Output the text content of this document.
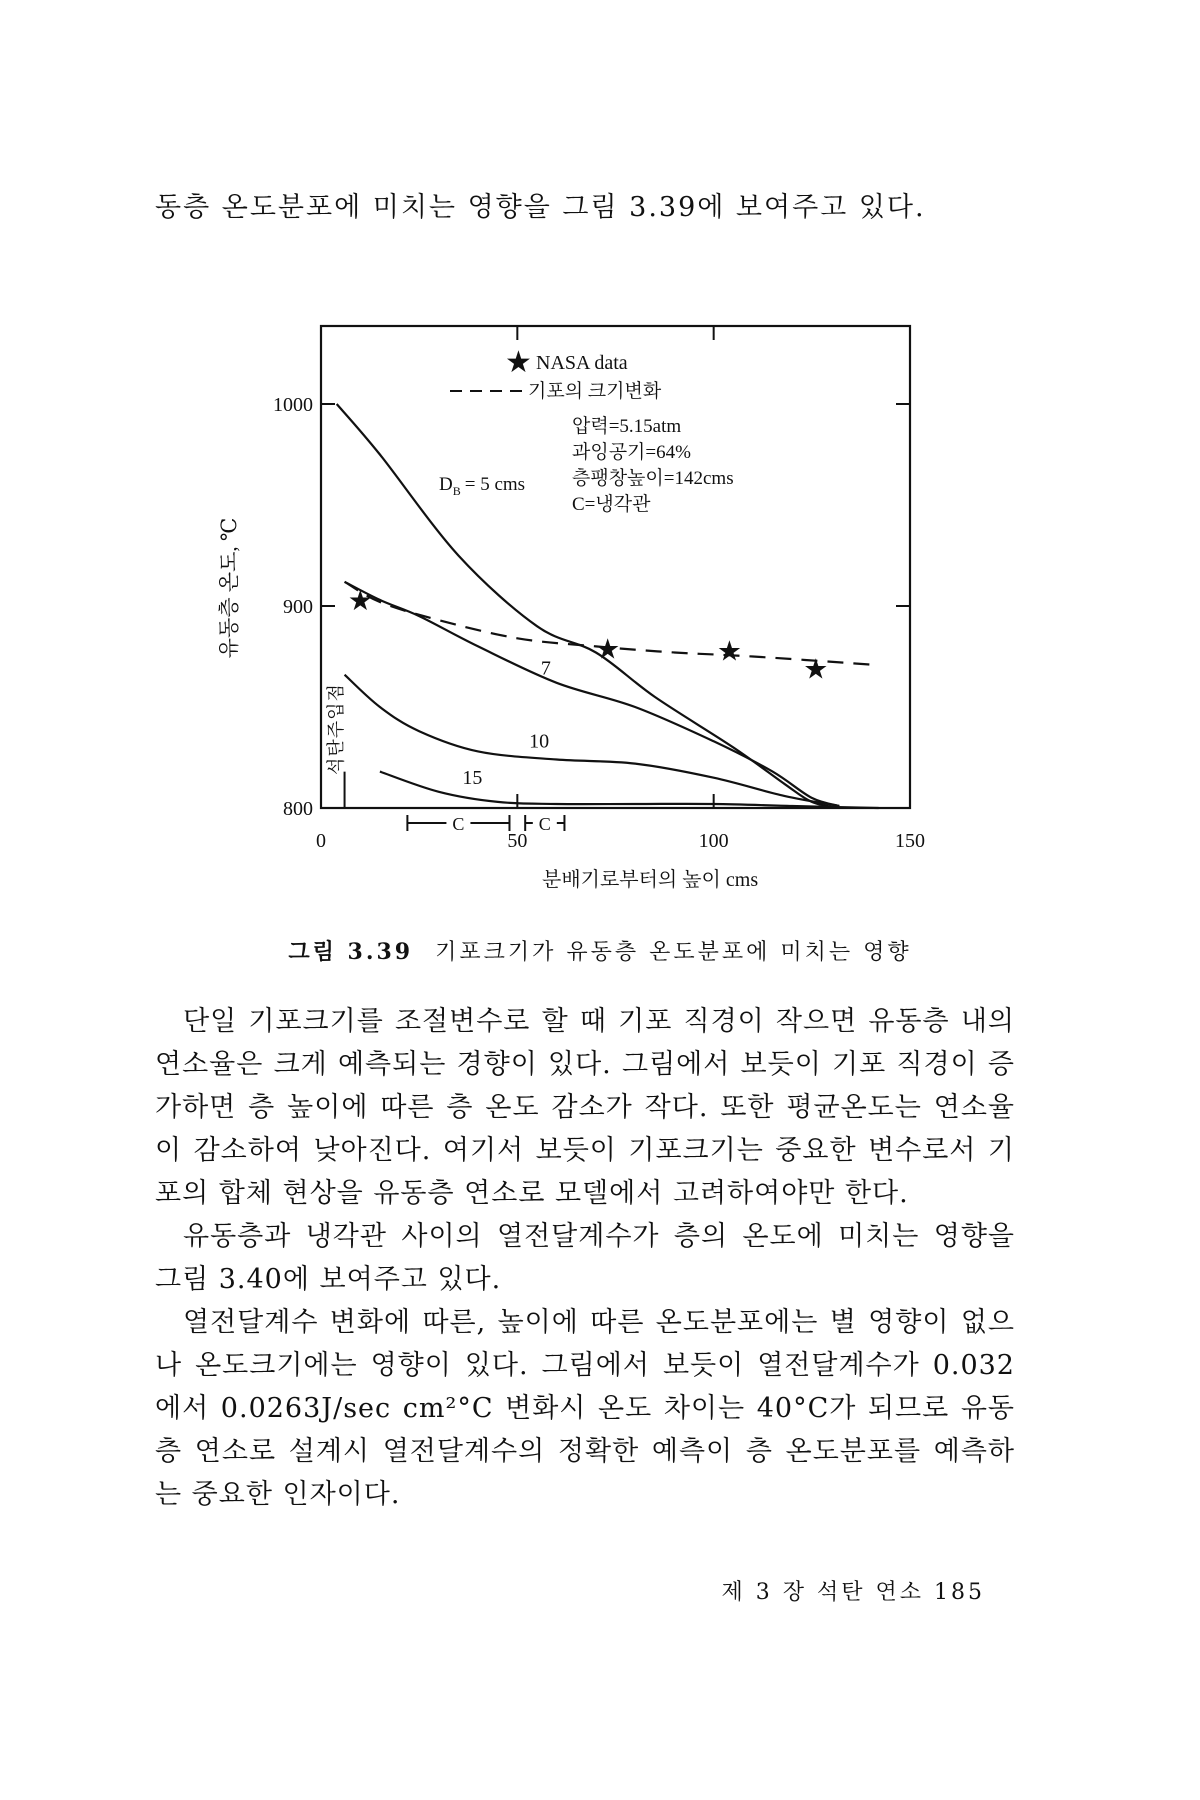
동층 온도분포에 미치는 영향을 그림 3.39에 보여주고 있다.

800
900
1000
0	50	100	150
7
10
15
★
★	★
★
★ NASA data
기포의 크기변화
압력=5.15atm
과잉공기=64%
층팽창높이=142cms
C=냉각관
$D_B = 5$ cms
석탄주입점
C	C
분배기로부터의 높이 cms
유동층 온도, ℃

그림 3.39 기포크기가 유동층 온도분포에 미치는 영향

단일 기포크기를 조절변수로 할 때 기포 직경이 작으면 유동층 내의 연소율은 크게 예측되는 경향이 있다. 그림에서 보듯이 기포 직경이 증가하면 층 높이에 따른 층 온도 감소가 작다. 또한 평균온도는 연소율이 감소하여 낮아진다. 여기서 보듯이 기포크기는 중요한 변수로서 기포의 합체 현상을 유동층 연소로 모델에서 고려하여야만 한다.

유동층과 냉각관 사이의 열전달계수가 층의 온도에 미치는 영향을 그림 3.40에 보여주고 있다.

열전달계수 변화에 따른, 높이에 따른 온도분포에는 별 영향이 없으나 온도크기에는 영향이 있다. 그림에서 보듯이 열전달계수가 0.032에서 0.0263J/sec cm²°C 변화시 온도 차이는 40°C가 되므로 유동층 연소로 설계시 열전달계수의 정확한 예측이 층 온도분포를 예측하는 중요한 인자이다.

제 3 장 석탄 연소 185
